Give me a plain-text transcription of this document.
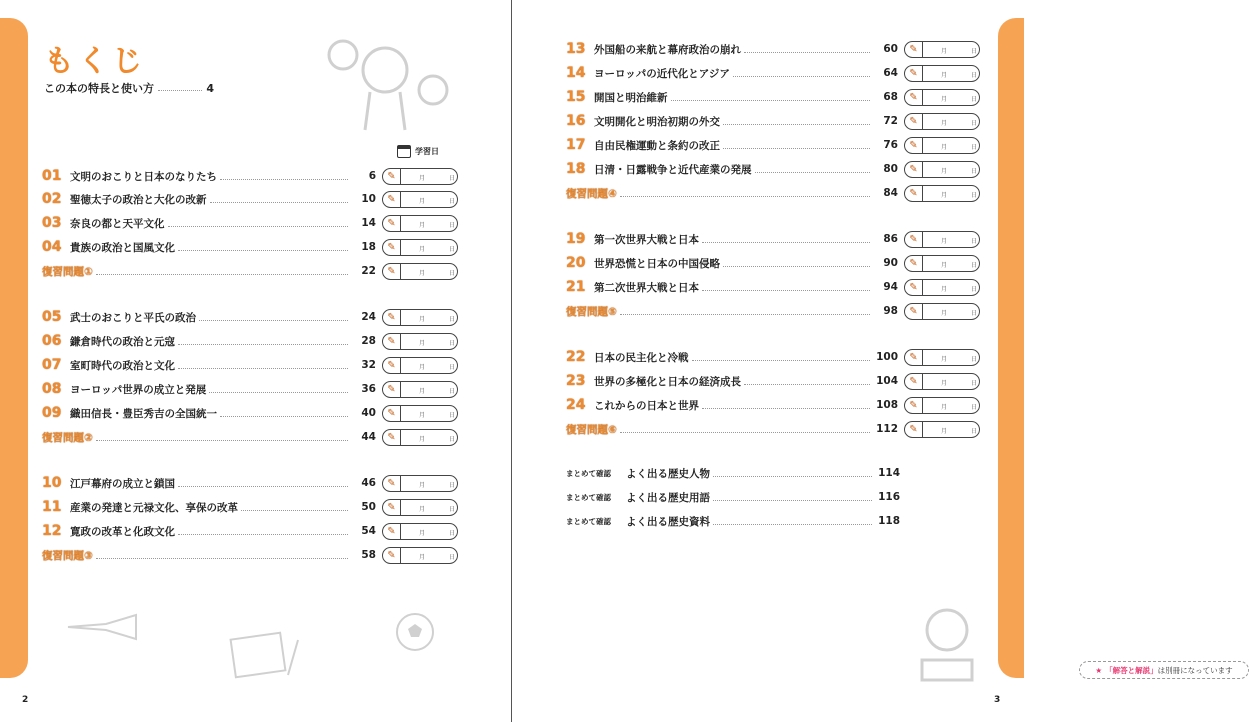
もくじ
この本の特長と使い方	4
学習日
2
★ 「解答と解説」 は別冊になっています
3
01 文明のおこりと日本のなりたち	6	✎	月	日
02 聖徳太子の政治と大化の改新	10	✎	月	日
03 奈良の都と天平文化	14	✎	月	日
04 貴族の政治と国風文化	18	✎	月	日
復習問題①	22	✎	月	日
05 武士のおこりと平氏の政治	24	✎	月	日
06 鎌倉時代の政治と元寇	28	✎	月	日
07 室町時代の政治と文化	32	✎	月	日
08 ヨーロッパ世界の成立と発展	36	✎	月	日
09 織田信長・豊臣秀吉の全国統一	40	✎	月	日
復習問題②	44	✎	月	日
10 江戸幕府の成立と鎖国	46	✎	月	日
11 産業の発達と元禄文化、享保の改革	50	✎	月	日
12 寛政の改革と化政文化	54	✎	月	日
復習問題③	58	✎	月	日
13 外国船の来航と幕府政治の崩れ	60	✎	月	日
14 ヨーロッパの近代化とアジア	64	✎	月	日
15 開国と明治維新	68	✎	月	日
16 文明開化と明治初期の外交	72	✎	月	日
17 自由民権運動と条約の改正	76	✎	月	日
18 日清・日露戦争と近代産業の発展	80	✎	月	日
復習問題④	84	✎	月	日
19 第一次世界大戦と日本	86	✎	月	日
20 世界恐慌と日本の中国侵略	90	✎	月	日
21 第二次世界大戦と日本	94	✎	月	日
復習問題⑤	98	✎	月	日
22 日本の民主化と冷戦	100	✎	月	日
23 世界の多極化と日本の経済成長	104	✎	月	日
24 これからの日本と世界	108	✎	月	日
復習問題⑥	112	✎	月	日
まとめて確認	よく出る歴史人物	114
まとめて確認	よく出る歴史用語	116
まとめて確認	よく出る歴史資料	118
